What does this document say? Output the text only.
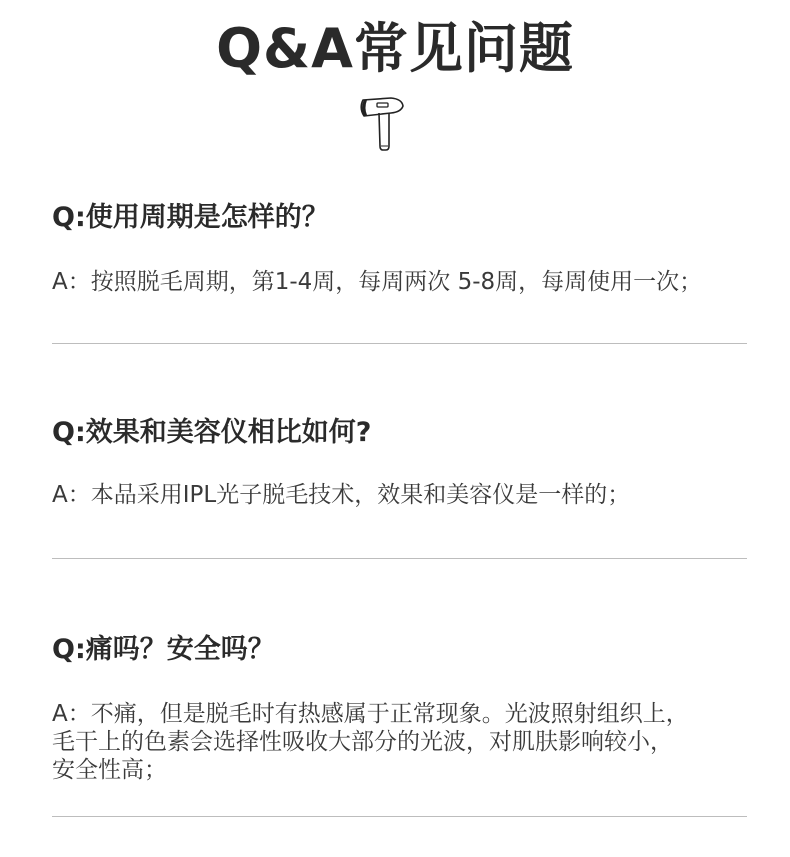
Q&A常见问题
Q:使用周期是怎样的？
A：按照脱毛周期，第1-4周，每周两次 5-8周，每周使用一次；
Q:效果和美容仪相比如何?
A：本品采用IPL光子脱毛技术，效果和美容仪是一样的；
Q:痛吗？安全吗？
A：不痛，但是脱毛时有热感属于正常现象。光波照射组织上，
毛干上的色素会选择性吸收大部分的光波，对肌肤影响较小，
安全性高；
